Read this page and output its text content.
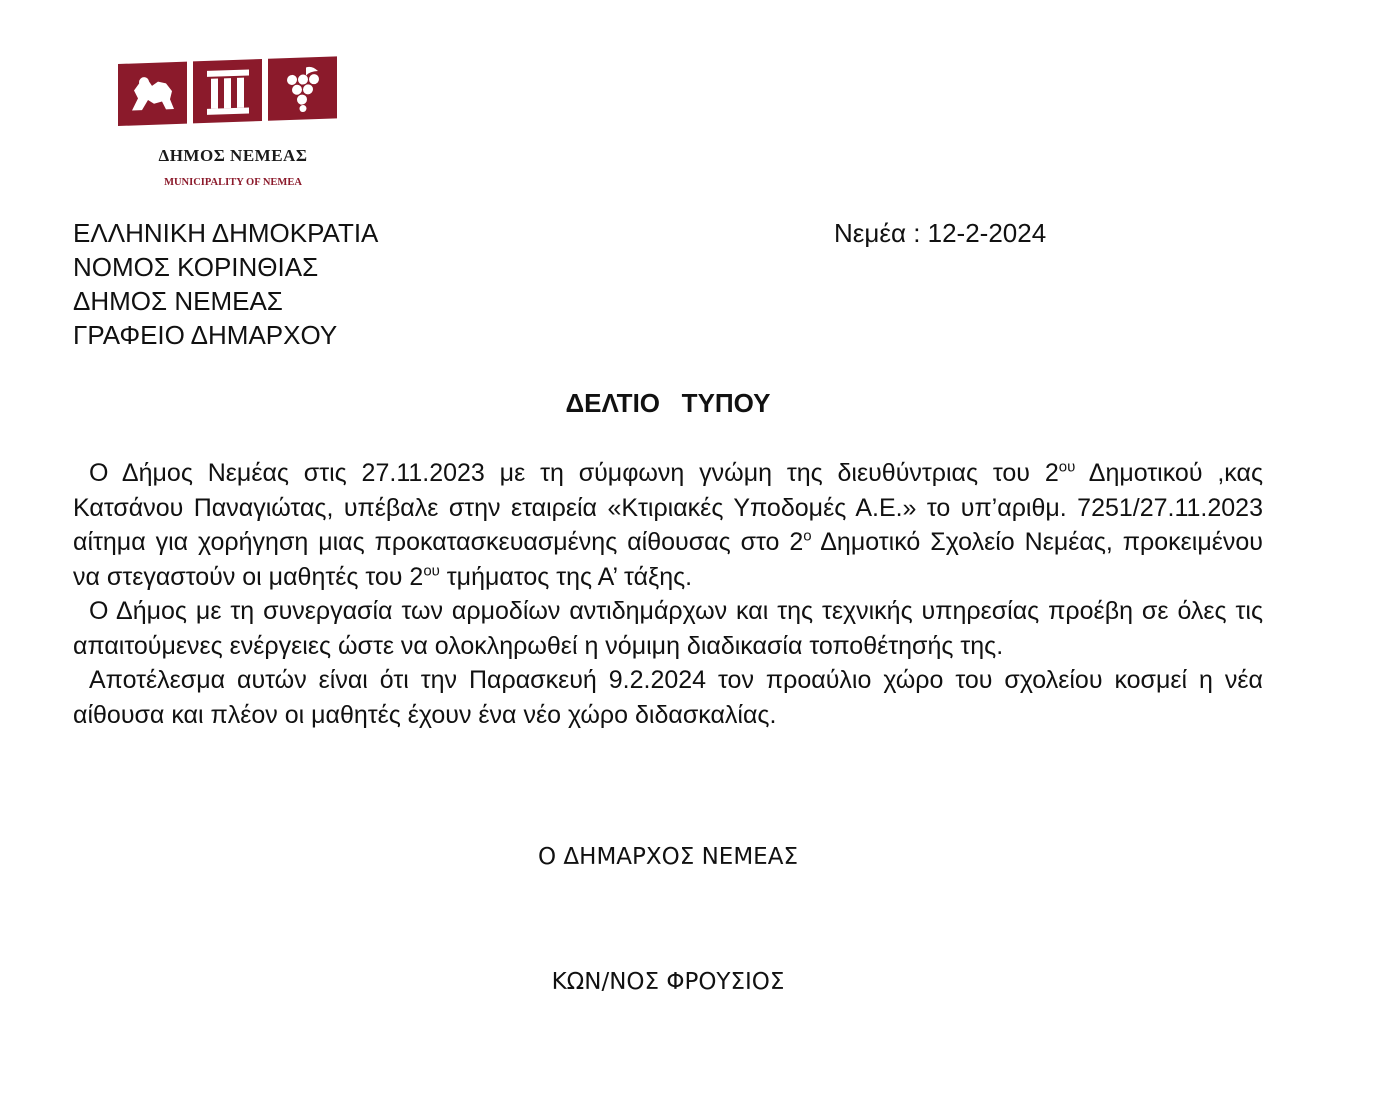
ΔΗΜΟΣ ΝΕΜΕΑΣ
MUNICIPALITY OF NEMEA
ΕΛΛΗΝΙΚΗ ΔΗΜΟΚΡΑΤΙΑ
ΝΟΜΟΣ ΚΟΡΙΝΘΙΑΣ
ΔΗΜΟΣ ΝΕΜΕΑΣ
ΓΡΑΦΕΙΟ ΔΗΜΑΡΧΟΥ
Νεμέα : 12-2-2024
ΔΕΛΤΙΟ   ΤΥΠΟΥ

Ο Δήμος Νεμέας στις 27.11.2023 με τη σύμφωνη γνώμη της διευθύντριας του $2^{o\upsilon}$ Δημοτικού ,κας Κατσάνου Παναγιώτας, υπέβαλε στην εταιρεία «Κτιριακές Υποδομές Α.Ε.» το υπ’αριθμ. 7251/27.11.2023 αίτημα για χορήγηση μιας προκατασκευασμένης αίθουσας στο $2^o$ Δημοτικό Σχολείο Νεμέας, προκειμένου να στεγαστούν οι μαθητές του $2^{o\upsilon}$ τμήματος της Α’ τάξης.

Ο Δήμος με τη συνεργασία των αρμοδίων αντιδημάρχων και της τεχνικής υπηρεσίας προέβη σε όλες τις απαιτούμενες ενέργειες ώστε να ολοκληρωθεί η νόμιμη διαδικασία τοποθέτησής της.

Αποτέλεσμα αυτών είναι ότι την Παρασκευή 9.2.2024 τον προαύλιο χώρο του σχολείου κοσμεί η νέα αίθουσα και πλέον οι μαθητές έχουν ένα νέο χώρο διδασκαλίας.

Ο ΔΗΜΑΡΧΟΣ ΝΕΜΕΑΣ
ΚΩΝ/ΝΟΣ ΦΡΟΥΣΙΟΣ
